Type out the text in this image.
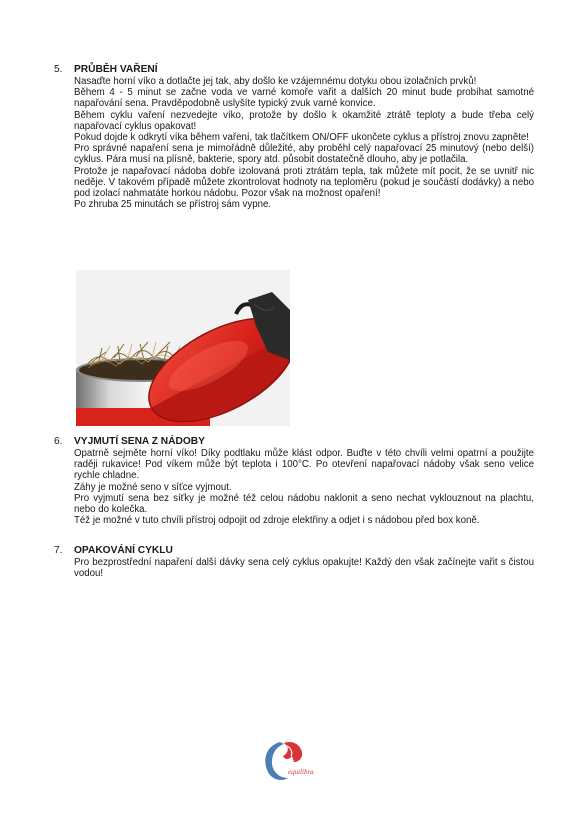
5.	PRŮBĚH VAŘENÍ

Nasaďte horní víko a dotlačte jej tak, aby došlo ke vzájemnému dotyku obou izolačních prvků!

Během 4 - 5 minut se začne voda ve varné komoře vařit a dalších 20 minut bude probíhat samotné napařování sena. Pravděpodobně uslyšíte typický zvuk varné konvice.

Během cyklu vaření nezvedejte víko, protože by došlo k okamžité ztrátě teploty a bude třeba celý napařovací cyklus opakovat!

Pokud dojde k odkrytí víka během vaření, tak tlačítkem ON/OFF ukončete cyklus a přístroj znovu zapněte!

Pro správné napaření sena je mimořádně důležité, aby proběhl celý napařovací 25 minutový (nebo delší) cyklus. Pára musí na plísně, bakterie, spory atd. působit dostatečně dlouho, aby je potlačila.

Protože je napařovací nádoba dobře izolovaná proti ztrátám tepla, tak můžete mít pocit, že se uvnitř nic neděje. V takovém případě můžete zkontrolovat hodnoty na teploměru (pokud je součástí dodávky) a nebo pod izolací nahmatáte horkou nádobu. Pozor však na možnost opaření!

Po zhruba 25 minutách se přístroj sám vypne.

6.	VYJMUTÍ SENA Z NÁDOBY

Opatrně sejměte horní víko! Díky podtlaku může klást odpor. Buďte v této chvíli velmi opatrní a použijte raději rukavice! Pod víkem může být teplota i 100°C. Po otevření napařovací nádoby však seno velice rychle chladne.

Záhy je možné seno v síťce vyjmout.

Pro vyjmutí sena bez síťky je možné též celou nádobu naklonit a seno nechat vyklouznout na plachtu, nebo do kolečka.

Též je možné v tuto chvíli přístroj odpojit od zdroje elektřiny a odjet i s nádobou před box koně.

7.	OPAKOVÁNÍ CYKLU

Pro bezprostřední napaření další dávky sena celý cyklus opakujte! Každý den však začínejte vařit s čistou vodou!

equilibra
